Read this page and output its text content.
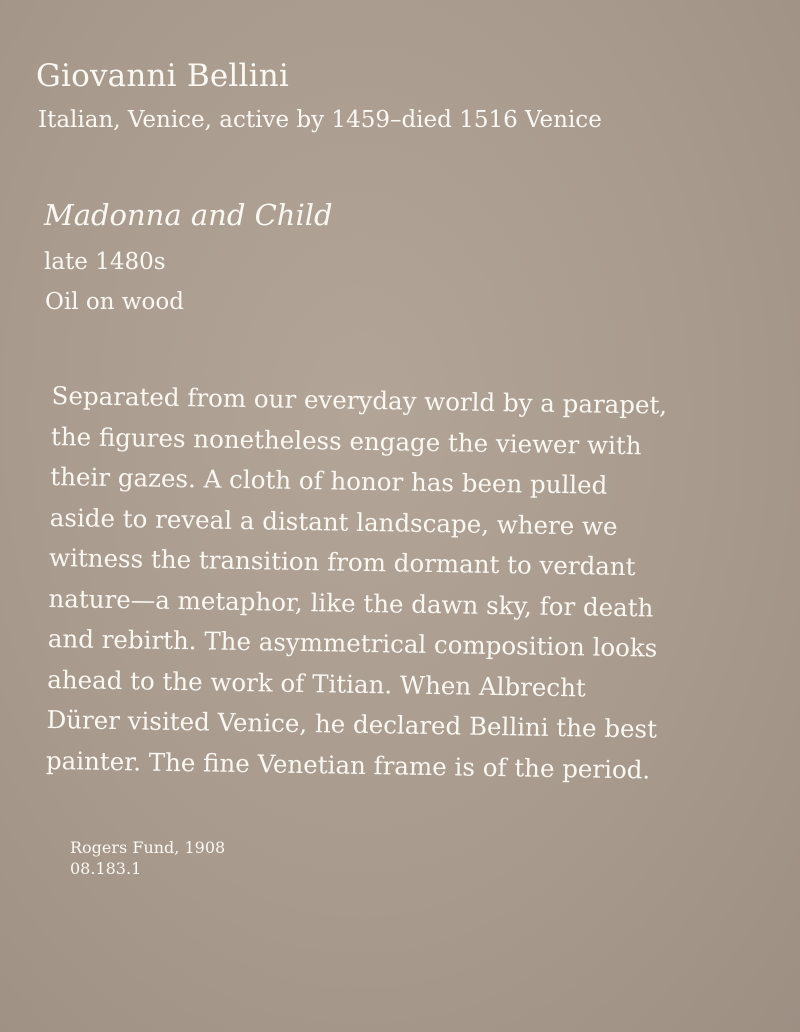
Giovanni Bellini
Italian, Venice, active by 1459–died 1516 Venice
Madonna and Child
late 1480s
Oil on wood
Separated from our everyday world by a parapet,
the figures nonetheless engage the viewer with
their gazes. A cloth of honor has been pulled
aside to reveal a distant landscape, where we
witness the transition from dormant to verdant
nature—a metaphor, like the dawn sky, for death
and rebirth. The asymmetrical composition looks
ahead to the work of Titian. When Albrecht
Dürer visited Venice, he declared Bellini the best
painter. The fine Venetian frame is of the period.
Rogers Fund, 1908
08.183.1
